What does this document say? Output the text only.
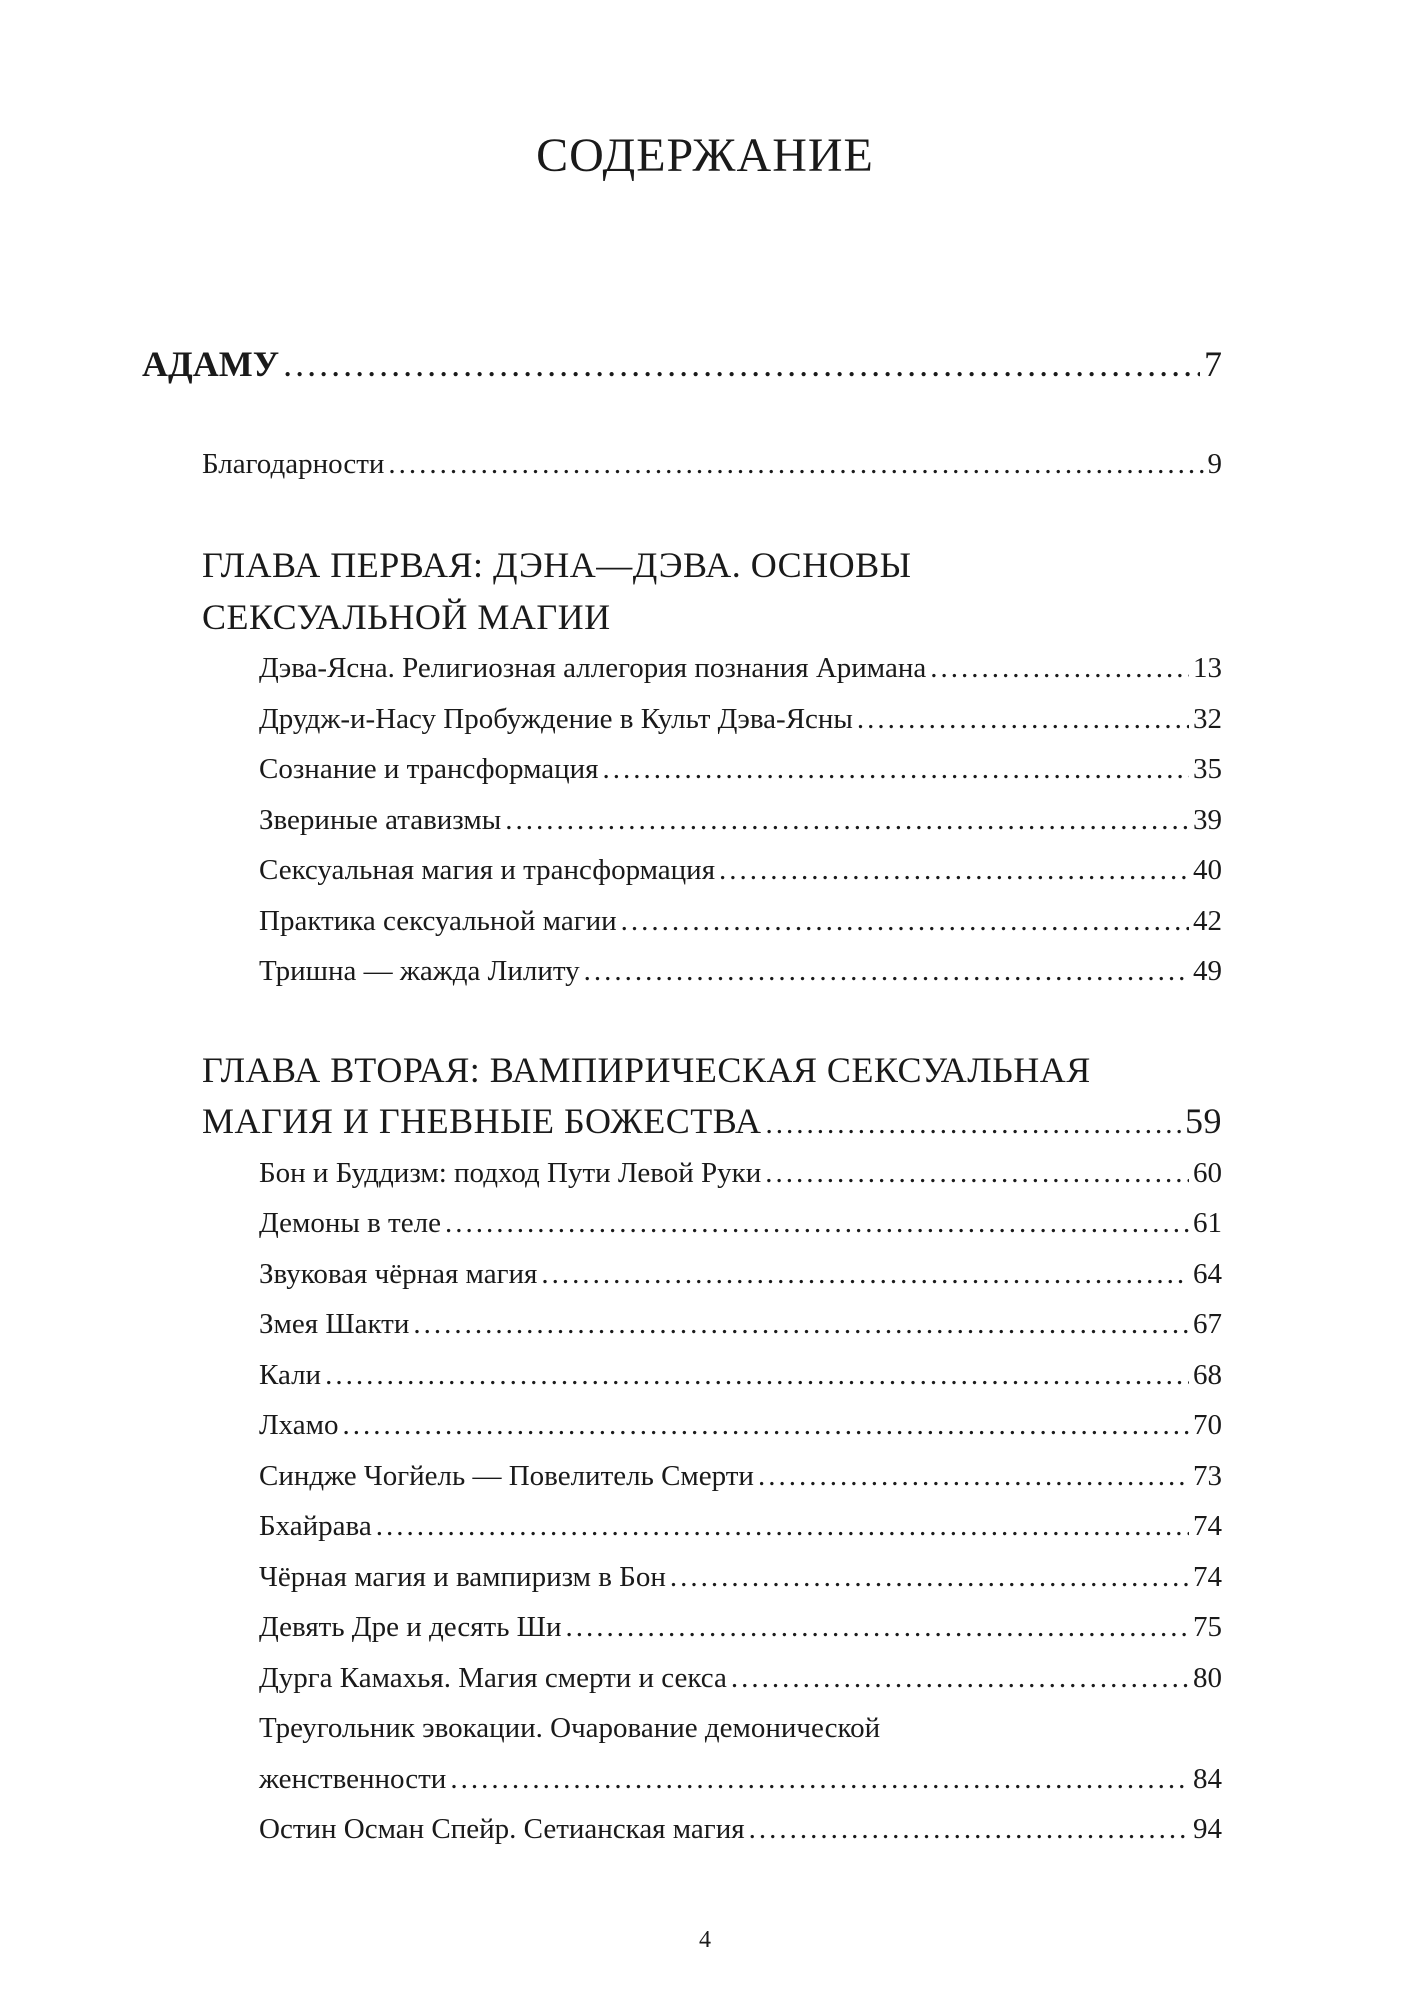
СОДЕРЖАНИЕ
АДАМУ .....	7
Благодарности .....	9
ГЛАВА ПЕРВАЯ: ДЭНА—ДЭВА. ОСНОВЫ
СЕКСУАЛЬНОЙ МАГИИ
Дэва-Ясна. Религиозная аллегория познания Аримана .....	13
Друдж-и-Насу Пробуждение в Культ Дэва-Ясны .....	32
Сознание и трансформация .....	35
Звериные атавизмы .....	39
Сексуальная магия и трансформация .....	40
Практика сексуальной магии .....	42
Тришна — жажда Лилиту .....	49
ГЛАВА ВТОРАЯ: ВАМПИРИЧЕСКАЯ СЕКСУАЛЬНАЯ
МАГИЯ И ГНЕВНЫЕ БОЖЕСТВА .....	59
Бон и Буддизм: подход Пути Левой Руки .....	60
Демоны в теле .....	61
Звуковая чёрная магия .....	64
Змея Шакти .....	67
Кали .....	68
Лхамо .....	70
Синдже Чогйель — Повелитель Смерти .....	73
Бхайрава .....	74
Чёрная магия и вампиризм в Бон .....	74
Девять Дре и десять Ши .....	75
Дурга Камахья. Магия смерти и секса .....	80
Треугольник эвокации. Очарование демонической
женственности .....	84
Остин Осман Спейр. Сетианская магия .....	94
4
